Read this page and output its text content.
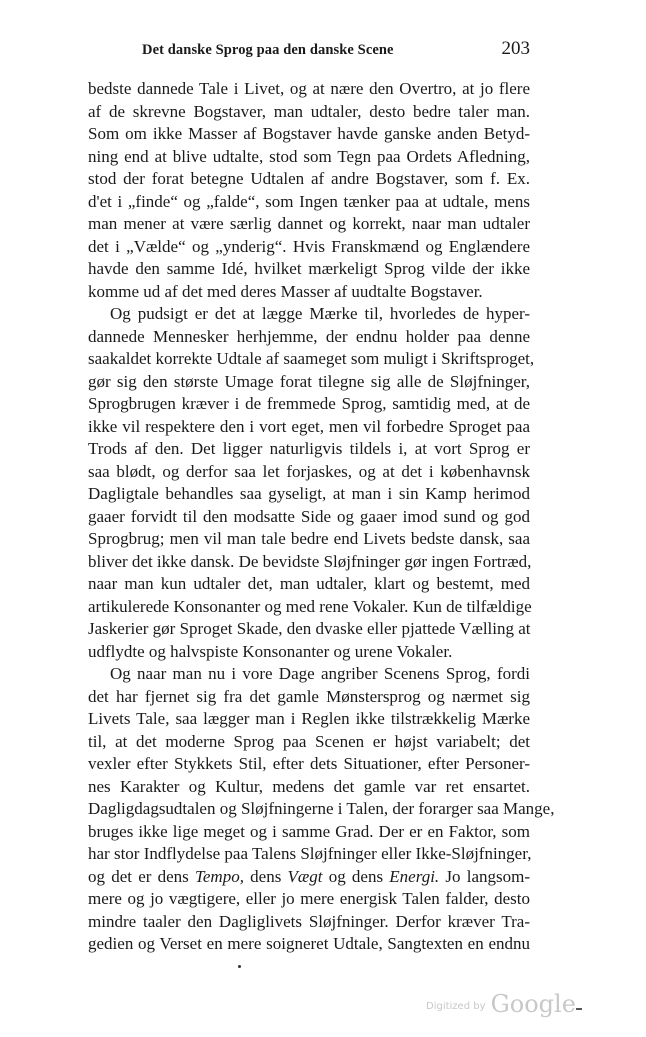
Det danske Sprog paa den danske Scene	203
bedste dannede Tale i Livet, og at nære den Overtro, at jo flere
af de skrevne Bogstaver, man udtaler, desto bedre taler man.
Som om ikke Masser af Bogstaver havde ganske anden Betyd-
ning end at blive udtalte, stod som Tegn paa Ordets Afledning,
stod der forat betegne Udtalen af andre Bogstaver, som f. Ex.
d'et i „finde“ og „falde“, som Ingen tænker paa at udtale, mens
man mener at være særlig dannet og korrekt, naar man udtaler
det i „Vælde“ og „ynderig“. Hvis Franskmænd og Englændere
havde den samme Idé, hvilket mærkeligt Sprog vilde der ikke
komme ud af det med deres Masser af uudtalte Bogstaver.
Og pudsigt er det at lægge Mærke til, hvorledes de hyper-
dannede Mennesker herhjemme, der endnu holder paa denne
saakaldet korrekte Udtale af saameget som muligt i Skriftsproget,
gør sig den største Umage forat tilegne sig alle de Sløjfninger,
Sprogbrugen kræver i de fremmede Sprog, samtidig med, at de
ikke vil respektere den i vort eget, men vil forbedre Sproget paa
Trods af den. Det ligger naturligvis tildels i, at vort Sprog er
saa blødt, og derfor saa let forjaskes, og at det i københavnsk
Dagligtale behandles saa gyseligt, at man i sin Kamp herimod
gaaer forvidt til den modsatte Side og gaaer imod sund og god
Sprogbrug; men vil man tale bedre end Livets bedste dansk, saa
bliver det ikke dansk. De bevidste Sløjfninger gør ingen Fortræd,
naar man kun udtaler det, man udtaler, klart og bestemt, med
artikulerede Konsonanter og med rene Vokaler. Kun de tilfældige
Jaskerier gør Sproget Skade, den dvaske eller pjattede Vælling at
udflydte og halvspiste Konsonanter og urene Vokaler.
Og naar man nu i vore Dage angriber Scenens Sprog, fordi
det har fjernet sig fra det gamle Mønstersprog og nærmet sig
Livets Tale, saa lægger man i Reglen ikke tilstrækkelig Mærke
til, at det moderne Sprog paa Scenen er højst variabelt; det
vexler efter Stykkets Stil, efter dets Situationer, efter Personer-
nes Karakter og Kultur, medens det gamle var ret ensartet.
Dagligdagsudtalen og Sløjfningerne i Talen, der forarger saa Mange,
bruges ikke lige meget og i samme Grad. Der er en Faktor, som
har stor Indflydelse paa Talens Sløjfninger eller Ikke-Sløjfninger,
og det er dens Tempo, dens Vægt og dens Energi. Jo langsom-
mere og jo vægtigere, eller jo mere energisk Talen falder, desto
mindre taaler den Dagliglivets Sløjfninger. Derfor kræver Tra-
gedien og Verset en mere soigneret Udtale, Sangtexten en endnu
Digitized by Google
